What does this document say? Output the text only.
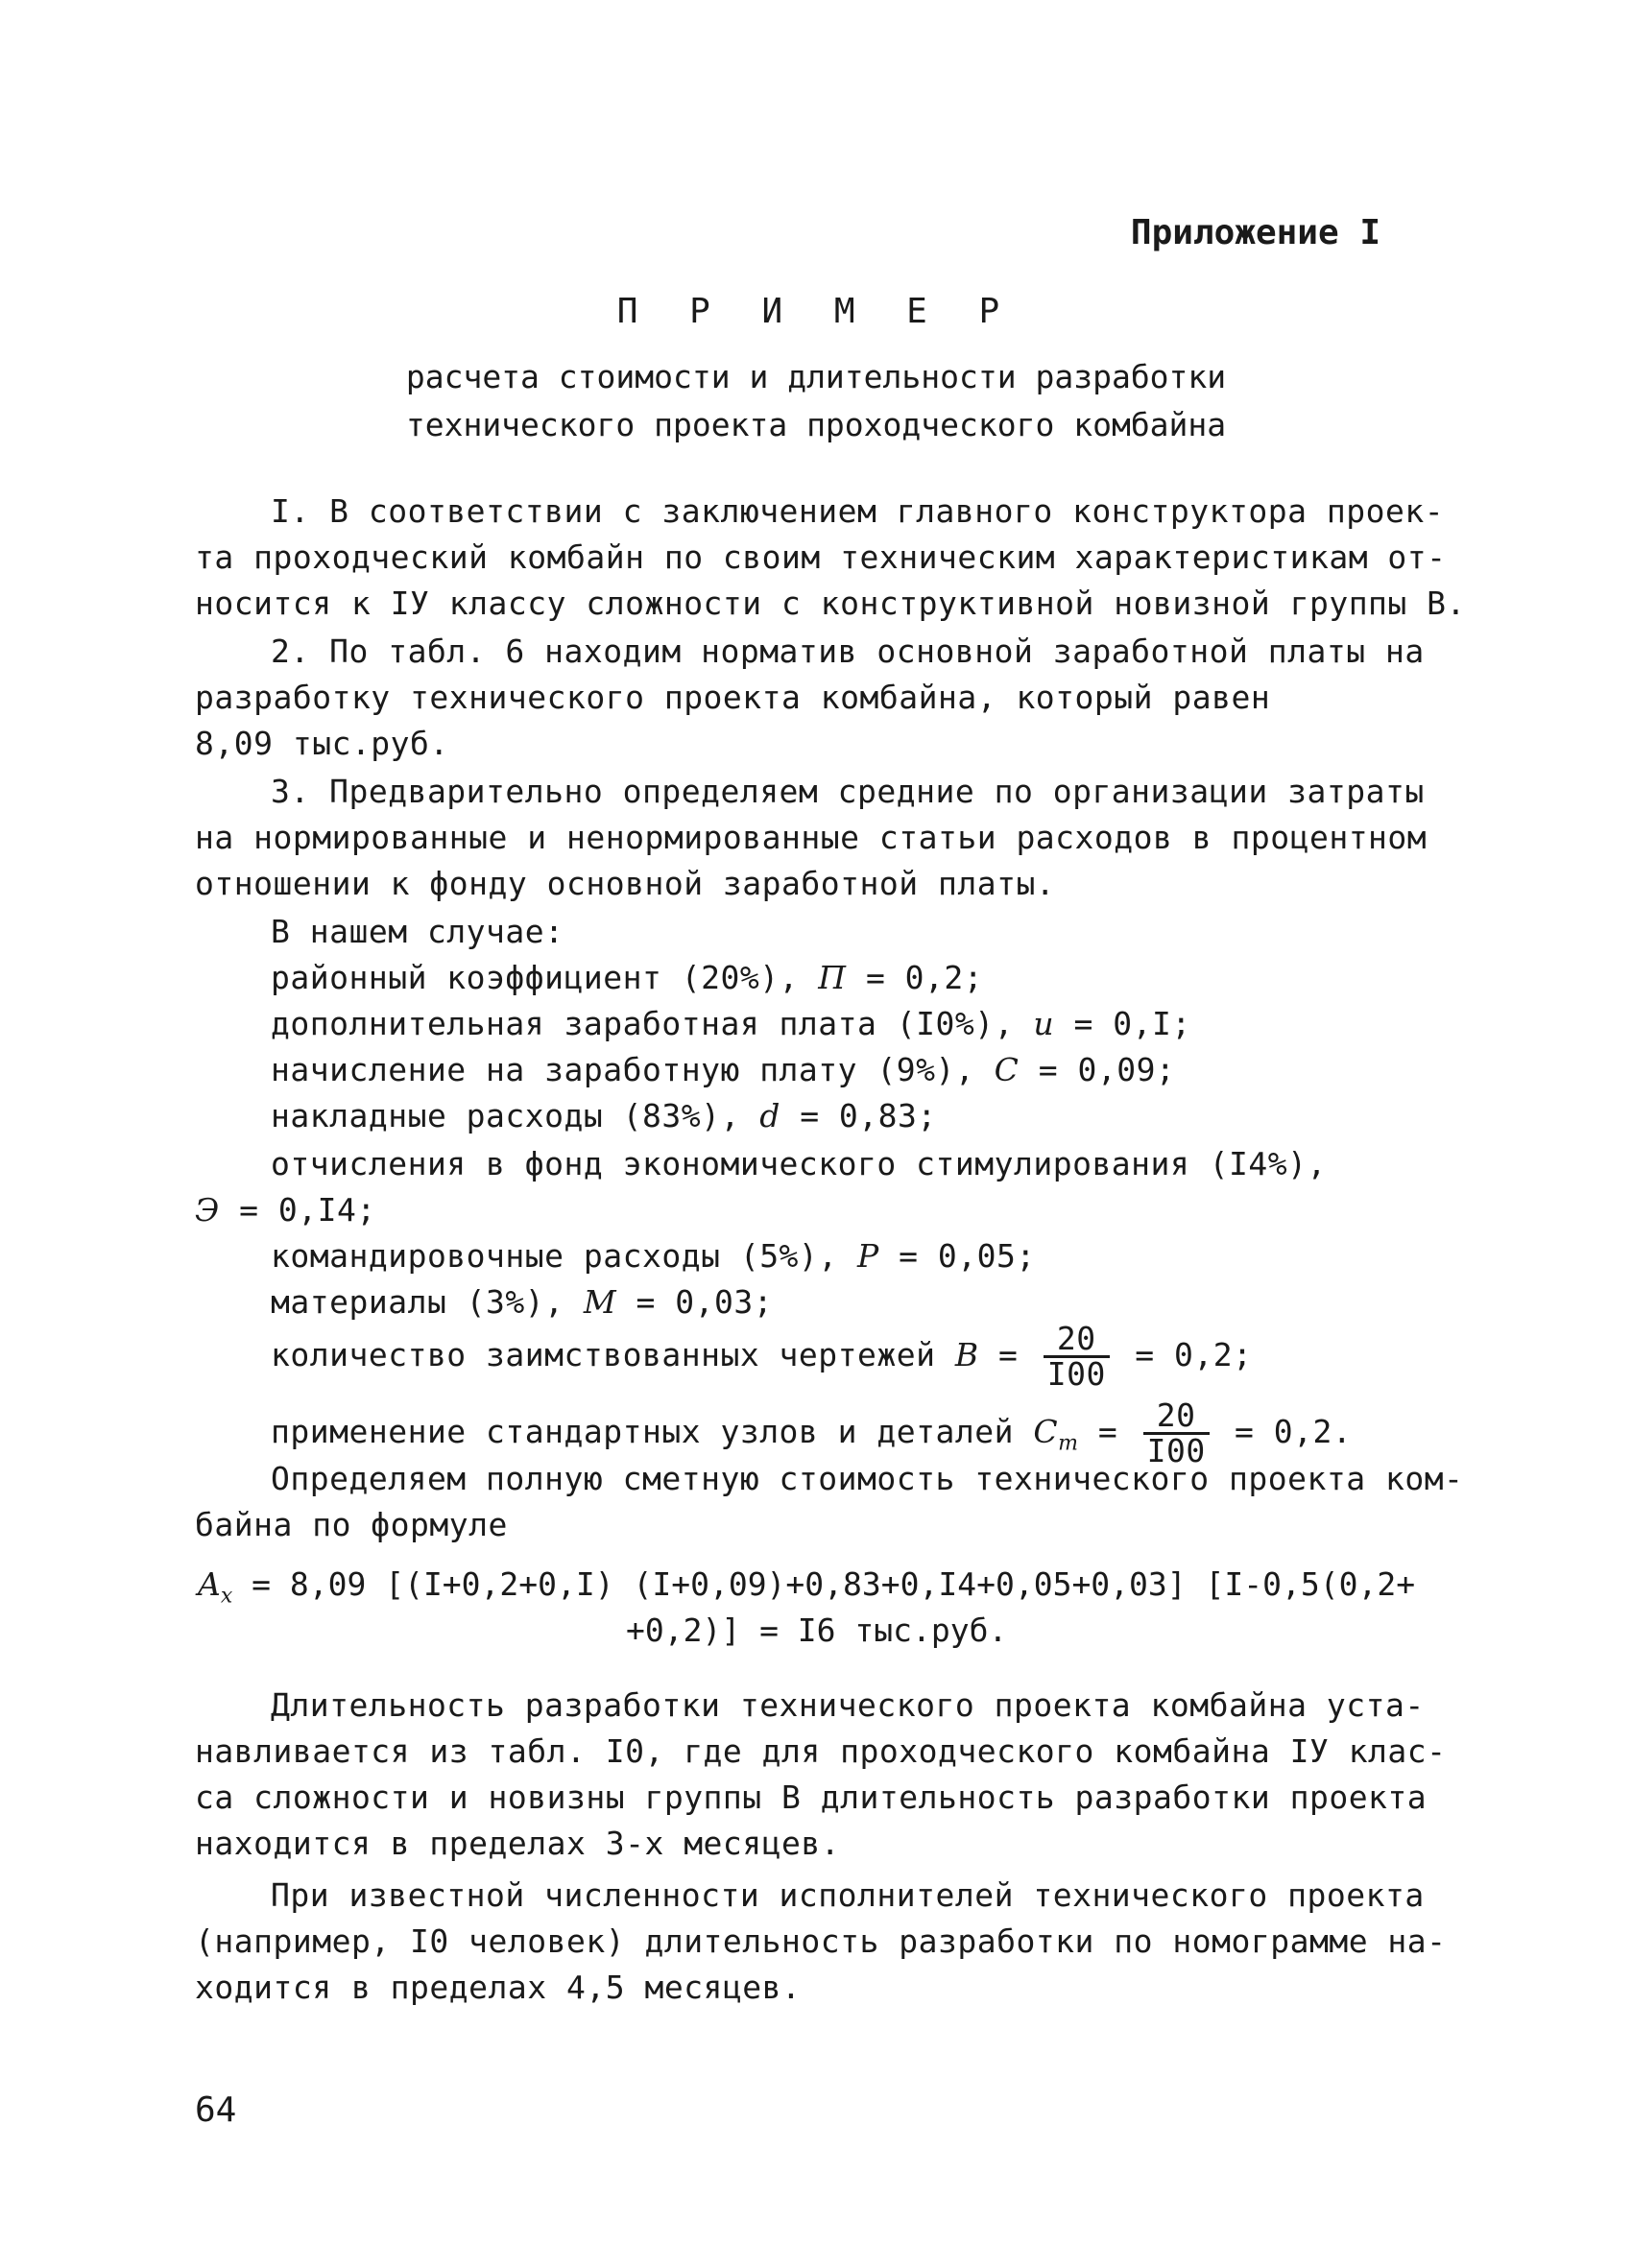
Приложение I
П Р И М Е Р
расчета стоимости и длительности разработки
технического проекта проходческого комбайна
I. В соответствии с заключением главного конструктора проек-
та проходческий комбайн по своим техническим характеристикам от-
носится к IУ классу сложности с конструктивной новизной группы В.
2. По табл. 6 находим норматив основной заработной платы на
разработку технического проекта комбайна, который равен
8,09 тыс.руб.
3. Предварительно определяем средние по организации затраты
на нормированные и ненормированные статьи расходов в процентном
отношении к фонду основной заработной платы.
В нашем случае:
районный коэффициент (20%), П = 0,2;
дополнительная заработная плата (I0%), u = 0,I;
начисление на заработную плату (9%), C = 0,09;
накладные расходы (83%), d = 0,83;
отчисления в фонд экономического стимулирования (I4%),
Э = 0,I4;
командировочные расходы (5%), P = 0,05;
материалы (3%), M = 0,03;
количество заимствованных чертежей $B = \frac{20}{I00} = 0,2$;
применение стандартных узлов и деталей $C_т = \frac{20}{I00} = 0,2$.
Определяем полную сметную стоимость технического проекта ком-
байна по формуле
$A_x = 8,09$ [(I+0,2+0,I) (I+0,09)+0,83+0,I4+0,05+0,03] [I-0,5(0,2+
+0,2)] = I6 тыс.руб.
Длительность разработки технического проекта комбайна уста-
навливается из табл. I0, где для проходческого комбайна IУ клас-
са сложности и новизны группы В длительность разработки проекта
находится в пределах 3-х месяцев.
При известной численности исполнителей технического проекта
(например, I0 человек) длительность разработки по номограмме на-
ходится в пределах 4,5 месяцев.
64
